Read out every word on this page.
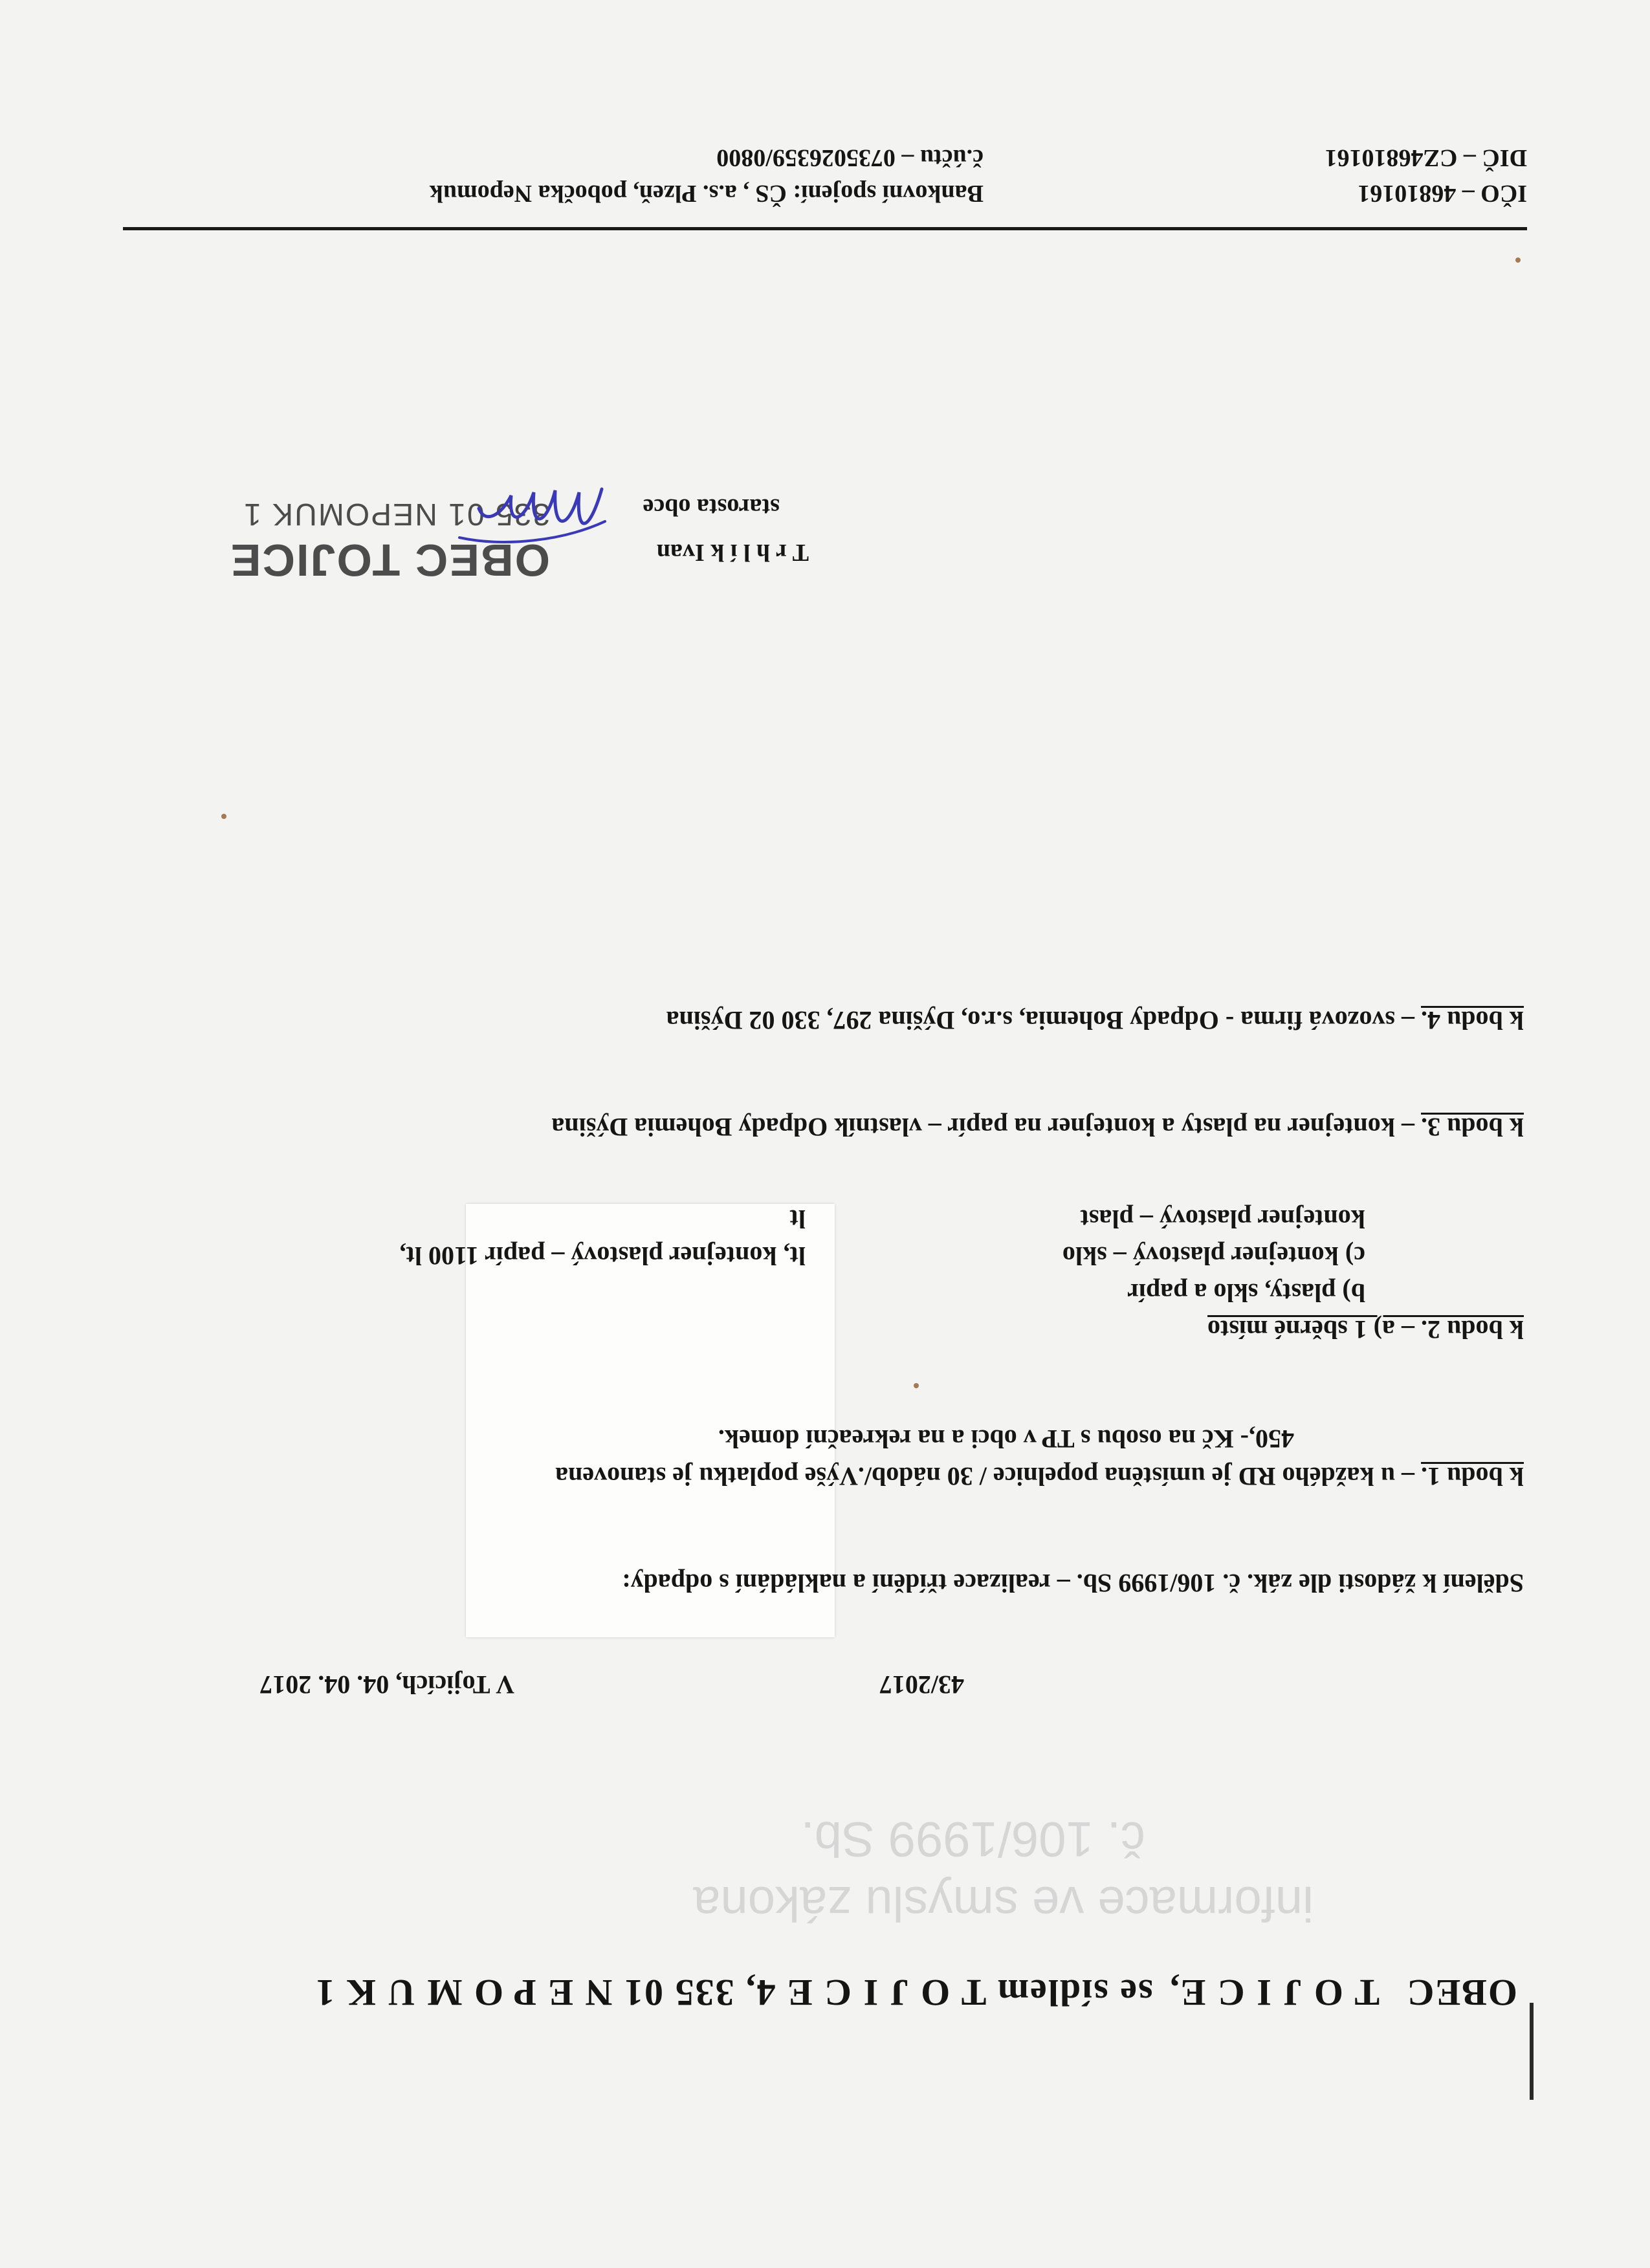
informace ve smyslu zákona
č. 106/1999 Sb.
OBEC T O J I C E, se sídlem T O J I C E 4, 335 01 N E P O M U K 1
43/2017
V Tojicích, 04. 04. 2017
Sdělení k žádosti dle zák. č. 106/1999 Sb. – realizace třídění a nakládání s odpady:
k bodu 1. – u každého RD je umístěna popelnice / 30 nádob/.Výše poplatku je stanovena
450,- Kč na osobu s TP v obci a na rekreační domek.
k bodu 2. – a) 1 sběrné místo
b) plasty, sklo a papír
c) kontejner plastový – sklo
lt, kontejner plastový – papír 1100 lt,
kontejner plastový – plast
lt
k bodu 3. – kontejner na plasty a kontejner na papír – vlastník Odpady Bohemia Dýšina
k bodu 4. – svozová firma - Odpady Bohemia, s.r.o, Dýšina 297, 330 02 Dýšina
T r h l í k Ivan
starosta obce
OBEC TOJICE
335 01 NEPOMUK 1
IČO – 46810161
DIČ – CZ46810161
Bankovní spojení: ČS , a.s. Plzeň, pobočka Nepomuk
č.účtu – 0735026359/0800
